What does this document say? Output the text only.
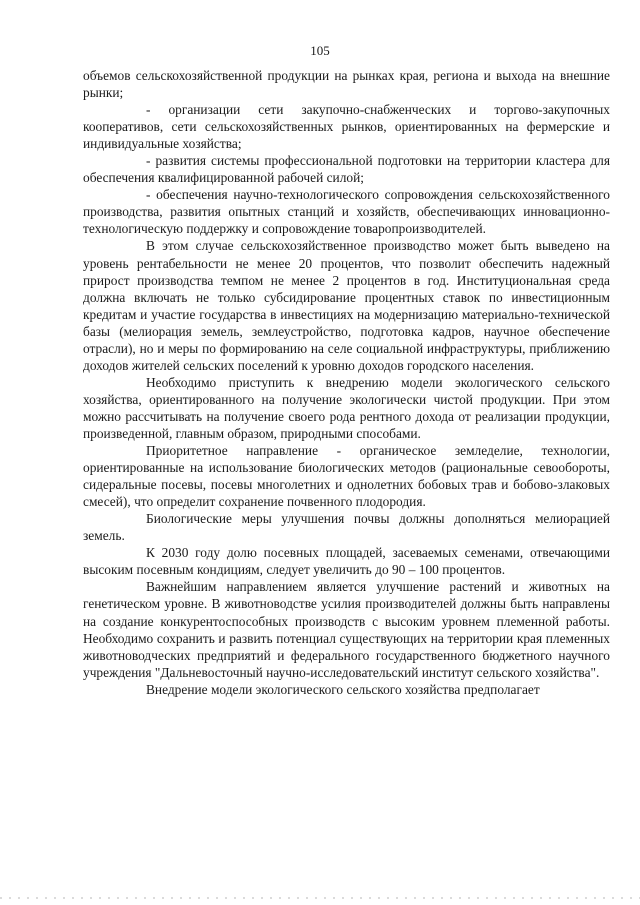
105

объемов сельскохозяйственной продукции на рынках края, региона и выхода на внешние рынки;

- организации сети закупочно-снабженческих и торгово-закупочных кооперативов, сети сельскохозяйственных рынков, ориентированных на фермерские и индивидуальные хозяйства;

- развития системы профессиональной подготовки на территории кластера для обеспечения квалифицированной рабочей силой;

- обеспечения научно-технологического сопровождения сельскохозяйственного производства, развития опытных станций и хозяйств, обеспечивающих инновационно-технологическую поддержку и сопровождение товаропроизводителей.

В этом случае сельскохозяйственное производство может быть выведено на уровень рентабельности не менее 20 процентов, что позволит обеспечить надежный прирост производства темпом не менее 2 процентов в год. Институциональная среда должна включать не только субсидирование процентных ставок по инвестиционным кредитам и участие государства в инвестициях на модернизацию материально-технической базы (мелиорация земель, землеустройство, подготовка кадров, научное обеспечение отрасли), но и меры по формированию на селе социальной инфраструктуры, приближению доходов жителей сельских поселений к уровню доходов городского населения.

Необходимо приступить к внедрению модели экологического сельского хозяйства, ориентированного на получение экологически чистой продукции. При этом можно рассчитывать на получение своего рода рентного дохода от реализации продукции, произведенной, главным образом, природными способами.

Приоритетное направление - органическое земледелие, технологии, ориентированные на использование биологических методов (рациональные севообороты, сидеральные посевы, посевы многолетних и однолетних бобовых трав и бобово-злаковых смесей), что определит сохранение почвенного плодородия.

Биологические меры улучшения почвы должны дополняться мелиорацией земель.

К 2030 году долю посевных площадей, засеваемых семенами, отвечающими высоким посевным кондициям, следует увеличить до 90 – 100 процентов.

Важнейшим направлением является улучшение растений и животных на генетическом уровне. В животноводстве усилия производителей должны быть направлены на создание конкурентоспособных производств с высоким уровнем племенной работы. Необходимо сохранить и развить потенциал существующих на территории края племенных животноводческих предприятий и федерального государственного бюджетного научного учреждения "Дальневосточный научно-исследовательский институт сельского хозяйства".

Внедрение модели экологического сельского хозяйства предполагает
